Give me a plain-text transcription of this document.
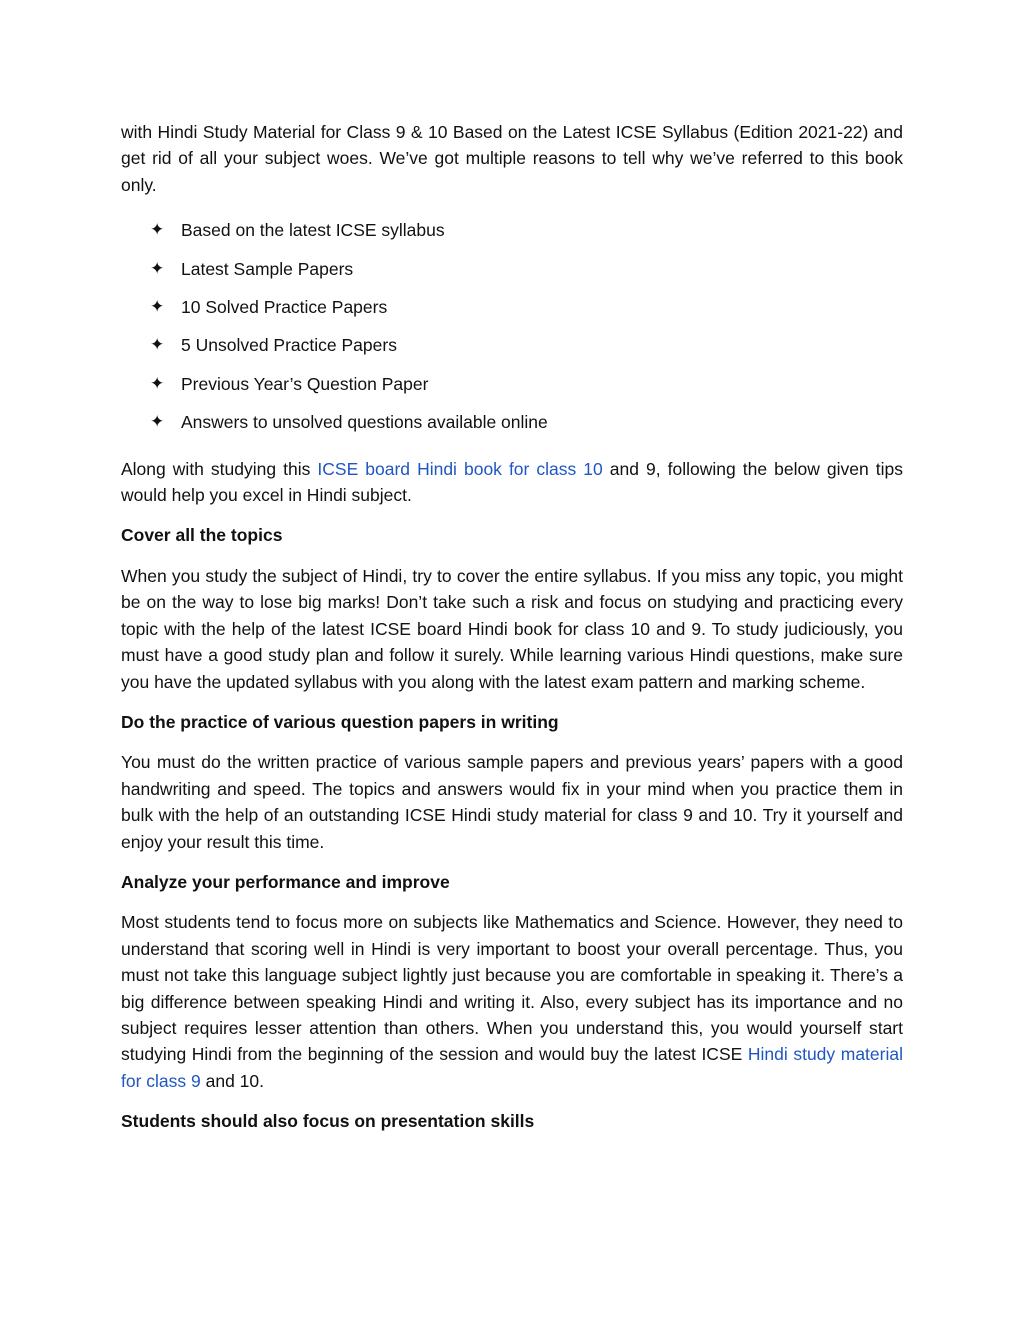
with Hindi Study Material for Class 9 & 10 Based on the Latest ICSE Syllabus (Edition 2021-22) and get rid of all your subject woes. We’ve got multiple reasons to tell why we’ve referred to this book only.

✦ Based on the latest ICSE syllabus
✦ Latest Sample Papers
✦ 10 Solved Practice Papers
✦ 5 Unsolved Practice Papers
✦ Previous Year’s Question Paper
✦ Answers to unsolved questions available online

Along with studying this ICSE board Hindi book for class 10 and 9, following the below given tips would help you excel in Hindi subject.

Cover all the topics

When you study the subject of Hindi, try to cover the entire syllabus. If you miss any topic, you might be on the way to lose big marks! Don’t take such a risk and focus on studying and practicing every topic with the help of the latest ICSE board Hindi book for class 10 and 9. To study judiciously, you must have a good study plan and follow it surely. While learning various Hindi questions, make sure you have the updated syllabus with you along with the latest exam pattern and marking scheme.

Do the practice of various question papers in writing

You must do the written practice of various sample papers and previous years’ papers with a good handwriting and speed. The topics and answers would fix in your mind when you practice them in bulk with the help of an outstanding ICSE Hindi study material for class 9 and 10. Try it yourself and enjoy your result this time.

Analyze your performance and improve

Most students tend to focus more on subjects like Mathematics and Science. However, they need to understand that scoring well in Hindi is very important to boost your overall percentage. Thus, you must not take this language subject lightly just because you are comfortable in speaking it. There’s a big difference between speaking Hindi and writing it. Also, every subject has its importance and no subject requires lesser attention than others. When you understand this, you would yourself start studying Hindi from the beginning of the session and would buy the latest ICSE Hindi study material for class 9 and 10.

Students should also focus on presentation skills
